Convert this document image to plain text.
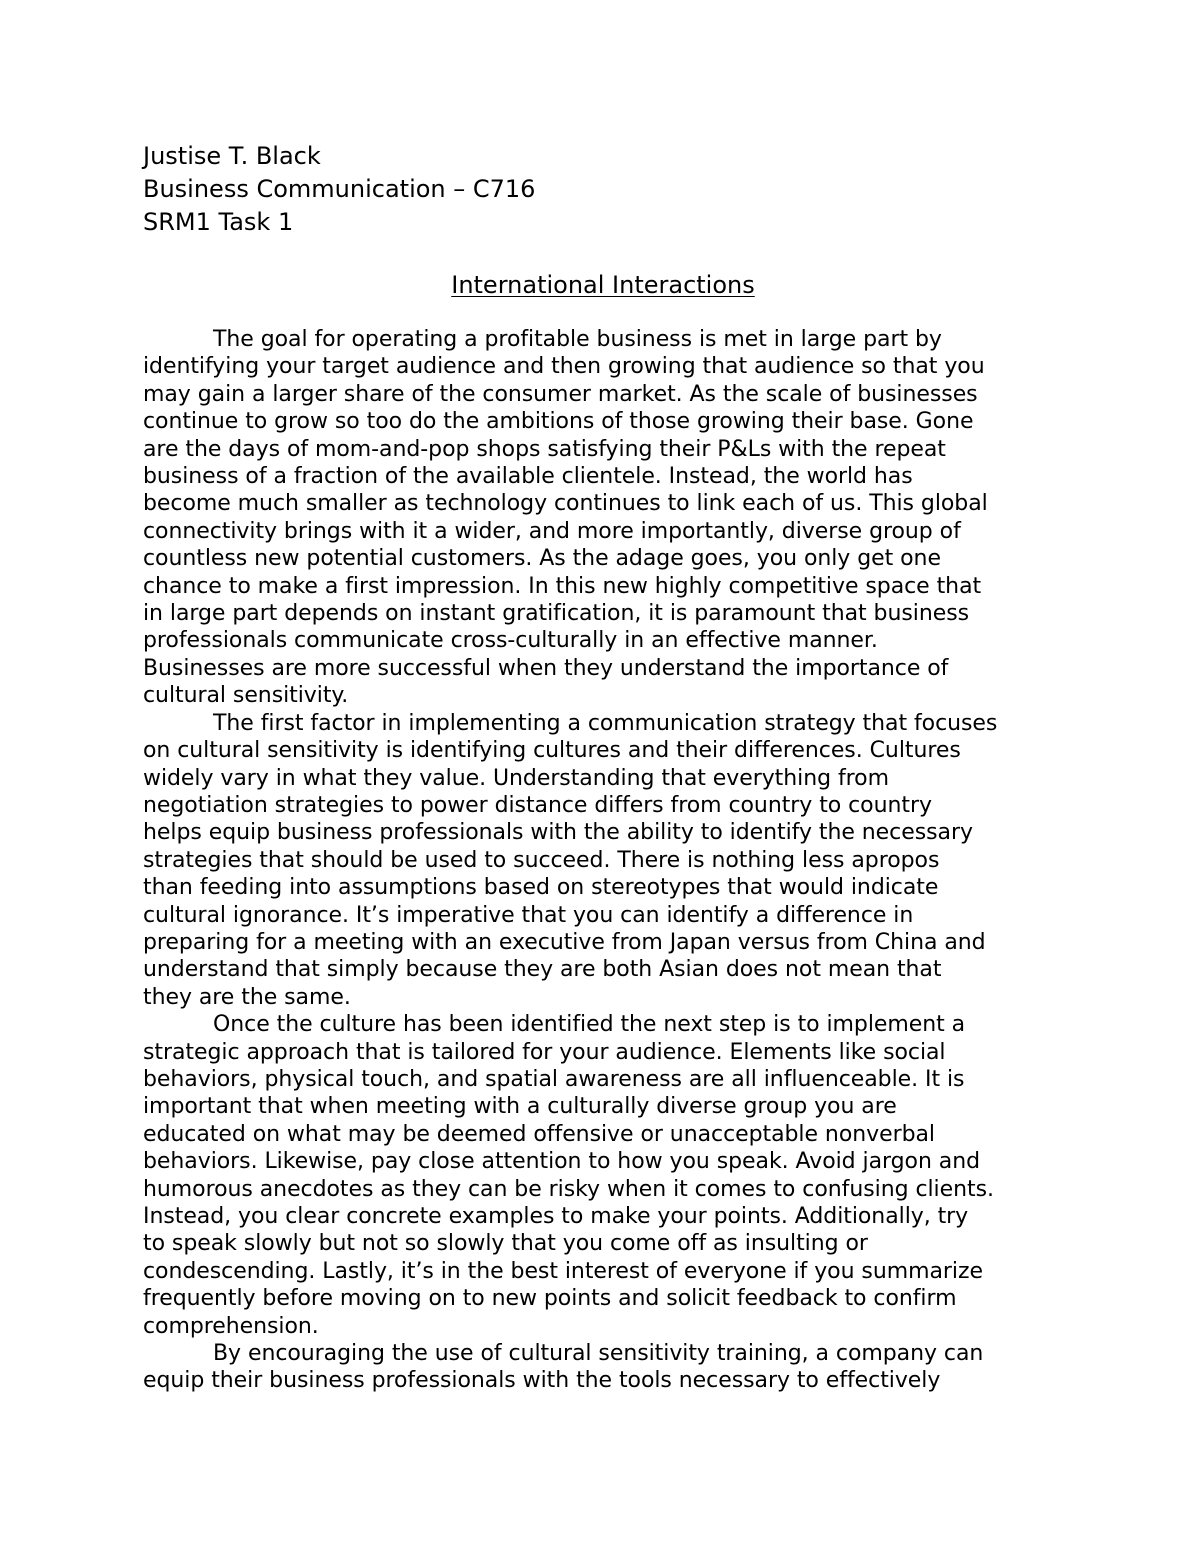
Justise T. Black

Business Communication – C716

SRM1 Task 1

International Interactions

The goal for operating a profitable business is met in large part by
identifying your target audience and then growing that audience so that you
may gain a larger share of the consumer market. As the scale of businesses
continue to grow so too do the ambitions of those growing their base. Gone
are the days of mom-and-pop shops satisfying their P&Ls with the repeat
business of a fraction of the available clientele. Instead, the world has
become much smaller as technology continues to link each of us. This global
connectivity brings with it a wider, and more importantly, diverse group of
countless new potential customers. As the adage goes, you only get one
chance to make a first impression. In this new highly competitive space that
in large part depends on instant gratification, it is paramount that business
professionals communicate cross-culturally in an effective manner.
Businesses are more successful when they understand the importance of
cultural sensitivity.

The first factor in implementing a communication strategy that focuses
on cultural sensitivity is identifying cultures and their differences. Cultures
widely vary in what they value. Understanding that everything from
negotiation strategies to power distance differs from country to country
helps equip business professionals with the ability to identify the necessary
strategies that should be used to succeed. There is nothing less apropos
than feeding into assumptions based on stereotypes that would indicate
cultural ignorance. It’s imperative that you can identify a difference in
preparing for a meeting with an executive from Japan versus from China and
understand that simply because they are both Asian does not mean that
they are the same.

Once the culture has been identified the next step is to implement a
strategic approach that is tailored for your audience. Elements like social
behaviors, physical touch, and spatial awareness are all influenceable. It is
important that when meeting with a culturally diverse group you are
educated on what may be deemed offensive or unacceptable nonverbal
behaviors. Likewise, pay close attention to how you speak. Avoid jargon and
humorous anecdotes as they can be risky when it comes to confusing clients.
Instead, you clear concrete examples to make your points. Additionally, try
to speak slowly but not so slowly that you come off as insulting or
condescending. Lastly, it’s in the best interest of everyone if you summarize
frequently before moving on to new points and solicit feedback to confirm
comprehension.

By encouraging the use of cultural sensitivity training, a company can
equip their business professionals with the tools necessary to effectively
